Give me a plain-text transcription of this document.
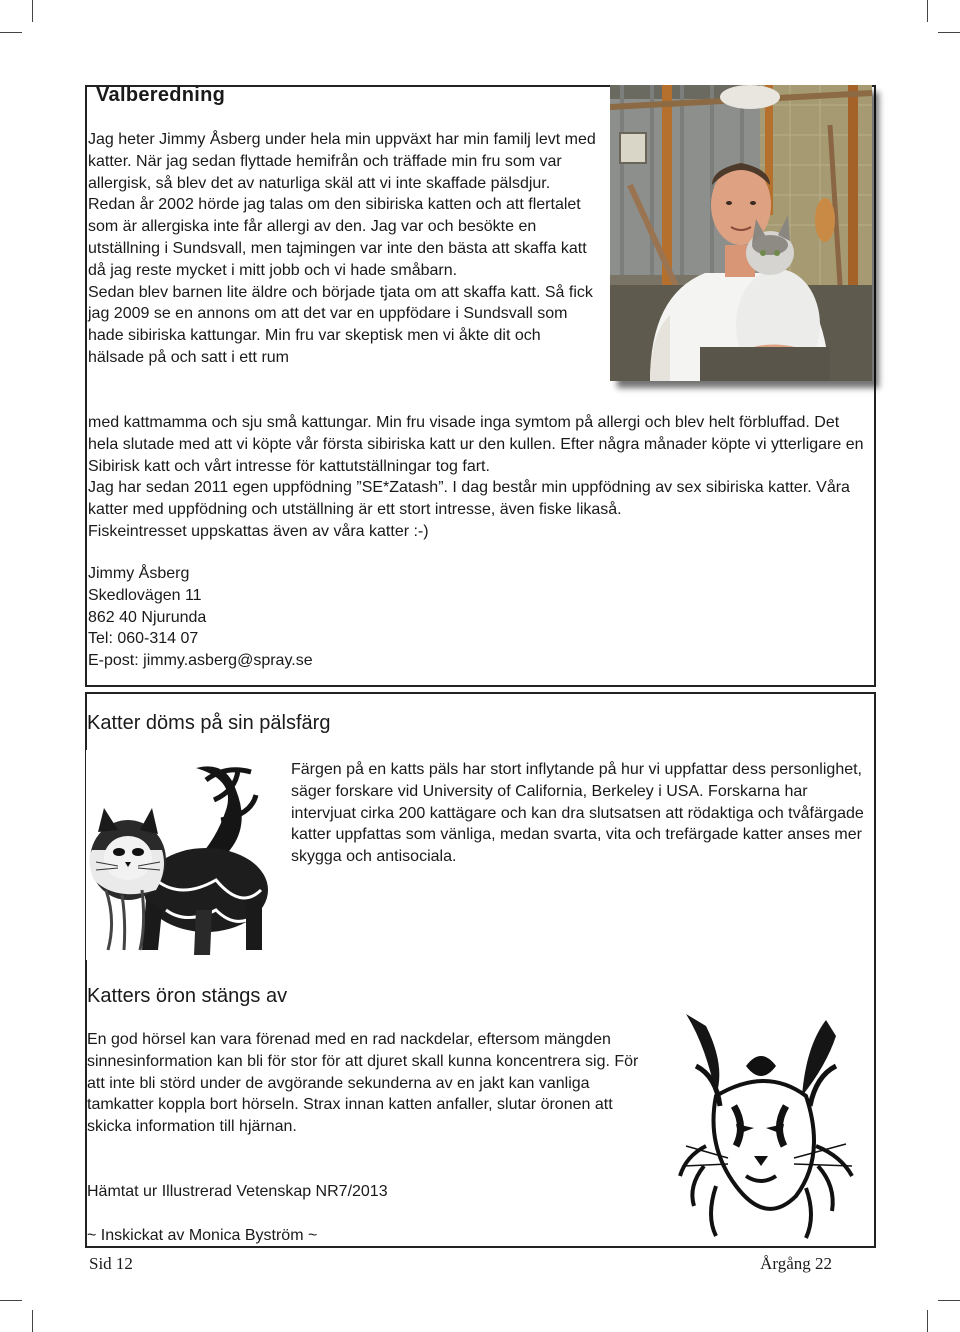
Valberedning

Jag heter Jimmy Åsberg under hela min uppväxt har min familj levt med katter. När jag sedan flyttade hemifrån och träffade min fru som var allergisk, så blev det av naturliga skäl att vi inte skaffade pälsdjur.

Redan år 2002 hörde jag talas om den sibiriska katten och att flertalet som är allergiska inte får allergi av den. Jag var och besökte en utställning i Sundsvall, men tajmingen var inte den bästa att skaffa katt då jag reste mycket i mitt jobb och vi hade småbarn.

Sedan blev barnen lite äldre och började tjata om att skaffa katt. Så fick jag 2009 se en annons om att det var en uppfödare i Sundsvall som hade sibiriska kattungar. Min fru var skeptisk men vi åkte dit och hälsade på och satt i ett rum

med kattmamma och sju små kattungar. Min fru visade inga symtom på allergi och blev helt förbluffad. Det hela slutade med att vi köpte vår första sibiriska katt ur den kullen. Efter några månader köpte vi ytterligare en Sibirisk katt och vårt intresse för kattutställningar tog fart.

Jag har sedan 2011 egen uppfödning ”SE*Zatash”. I dag består min uppfödning av sex sibiriska katter. Våra katter med uppfödning och utställning är ett stort intresse, även fiske likaså.

Fiskeintresset uppskattas även av våra katter :-)

Jimmy Åsberg

Skedlovägen 11

862 40 Njurunda

Tel: 060-314 07

E-post: jimmy.asberg@spray.se

Katter döms på sin pälsfärg
Färgen på en katts päls har stort inflytande på hur vi uppfattar dess personlighet, säger forskare vid University of California, Berkeley i USA. Forskarna har intervjuat cirka 200 kattägare och kan dra slutsatsen att rödaktiga och tvåfärgade katter uppfattas som vänliga, medan svarta, vita och trefärgade katter anses mer skygga och antisociala.
Katters öron stängs av
En god hörsel kan vara förenad med en rad nackdelar, eftersom mängden sinnesinformation kan bli för stor för att djuret skall kunna koncentrera sig. För att inte bli störd under de avgörande sekunderna av en jakt kan vanliga tamkatter koppla bort hörseln. Strax innan katten anfaller, slutar öronen att skicka information till hjärnan.
Hämtat ur Illustrerad Vetenskap NR7/2013
~ Inskickat av Monica Byström ~
Sid 12	Årgång 22
